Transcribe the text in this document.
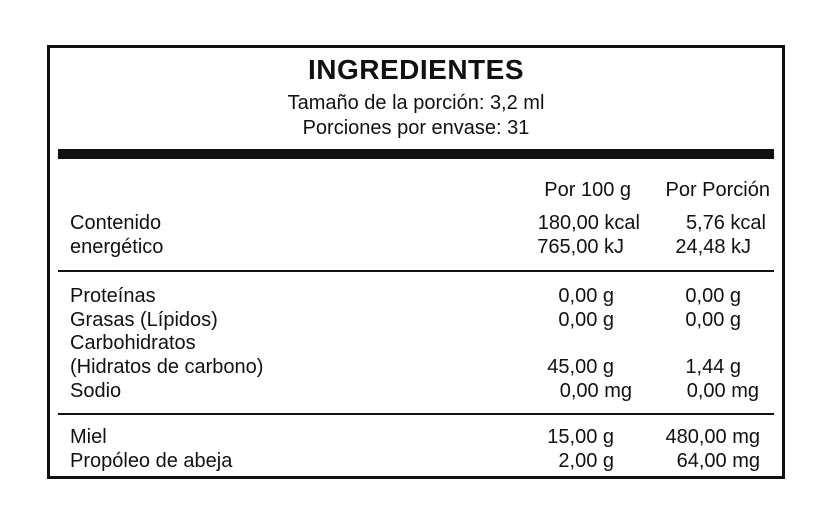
INGREDIENTES
Tamaño de la porción: 3,2 ml
Porciones por envase: 31
Por 100 g Por Porción
Contenido	180,00 kcal 5,76 kcal
energético	765,00 kJ	24,48 kJ
Proteínas	0,00 g	0,00 g
Grasas (Lípidos)	0,00 g	0,00 g
Carbohidratos
(Hidratos de carbono)	45,00 g	1,44 g
Sodio	0,00 mg	0,00 mg
Miel	15,00 g	480,00 mg
Propóleo de abeja	2,00 g	64,00 mg
